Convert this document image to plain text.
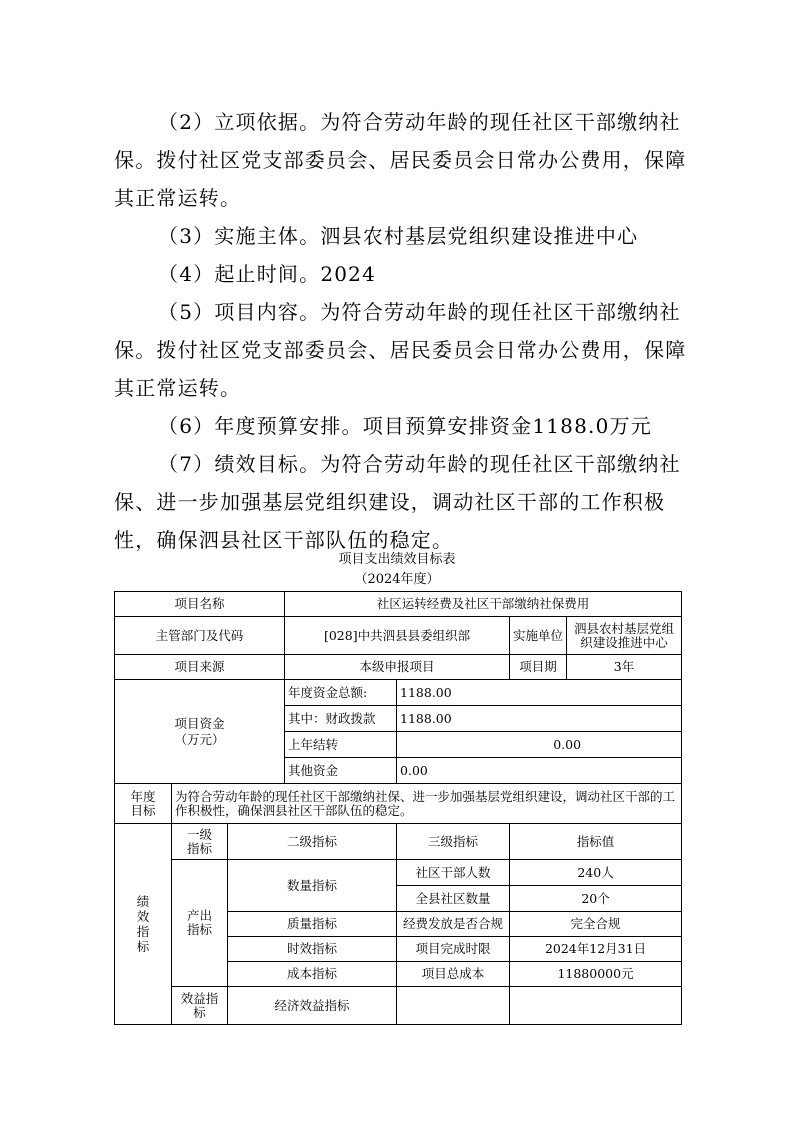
（2）立项依据。为符合劳动年龄的现任社区干部缴纳社保。拨付社区党支部委员会、居民委员会日常办公费用，保障其正常运转。

（3）实施主体。泗县农村基层党组织建设推进中心

（4）起止时间。2024

（5）项目内容。为符合劳动年龄的现任社区干部缴纳社保。拨付社区党支部委员会、居民委员会日常办公费用，保障其正常运转。

（6）年度预算安排。项目预算安排资金1188.0万元

（7）绩效目标。为符合劳动年龄的现任社区干部缴纳社保、进一步加强基层党组织建设，调动社区干部的工作积极性，确保泗县社区干部队伍的稳定。

项目支出绩效目标表
（2024年度）
项目名称			社区运转经费及社区干部缴纳社保费用			
主管部门及代码			[028]中共泗县县委组织部		实施单位	泗县农村基层党组织建设推进中心
项目来源			本级申报项目		项目期	3年

项目资金（万元）			年度资金总额:	1188.00		
			其中：财政拨款	1188.00		
			上年结转	0.00		
			其他资金	0.00		

年度目标	为符合劳动年龄的现任社区干部缴纳社保、进一步加强基层党组织建设，调动社区干部的工作积极性，确保泗县社区干部队伍的稳定。					

绩效指标	一级指标	二级指标		三级指标	指标值	

	产出指标	数量指标		社区干部人数	240人	
				全县社区数量	20个	
		质量指标		经费发放是否合规	完全合规	
		时效指标		项目完成时限	2024年12月31日	
		成本指标		项目总成本	11880000元	

	效益指标	经济效益指标				
